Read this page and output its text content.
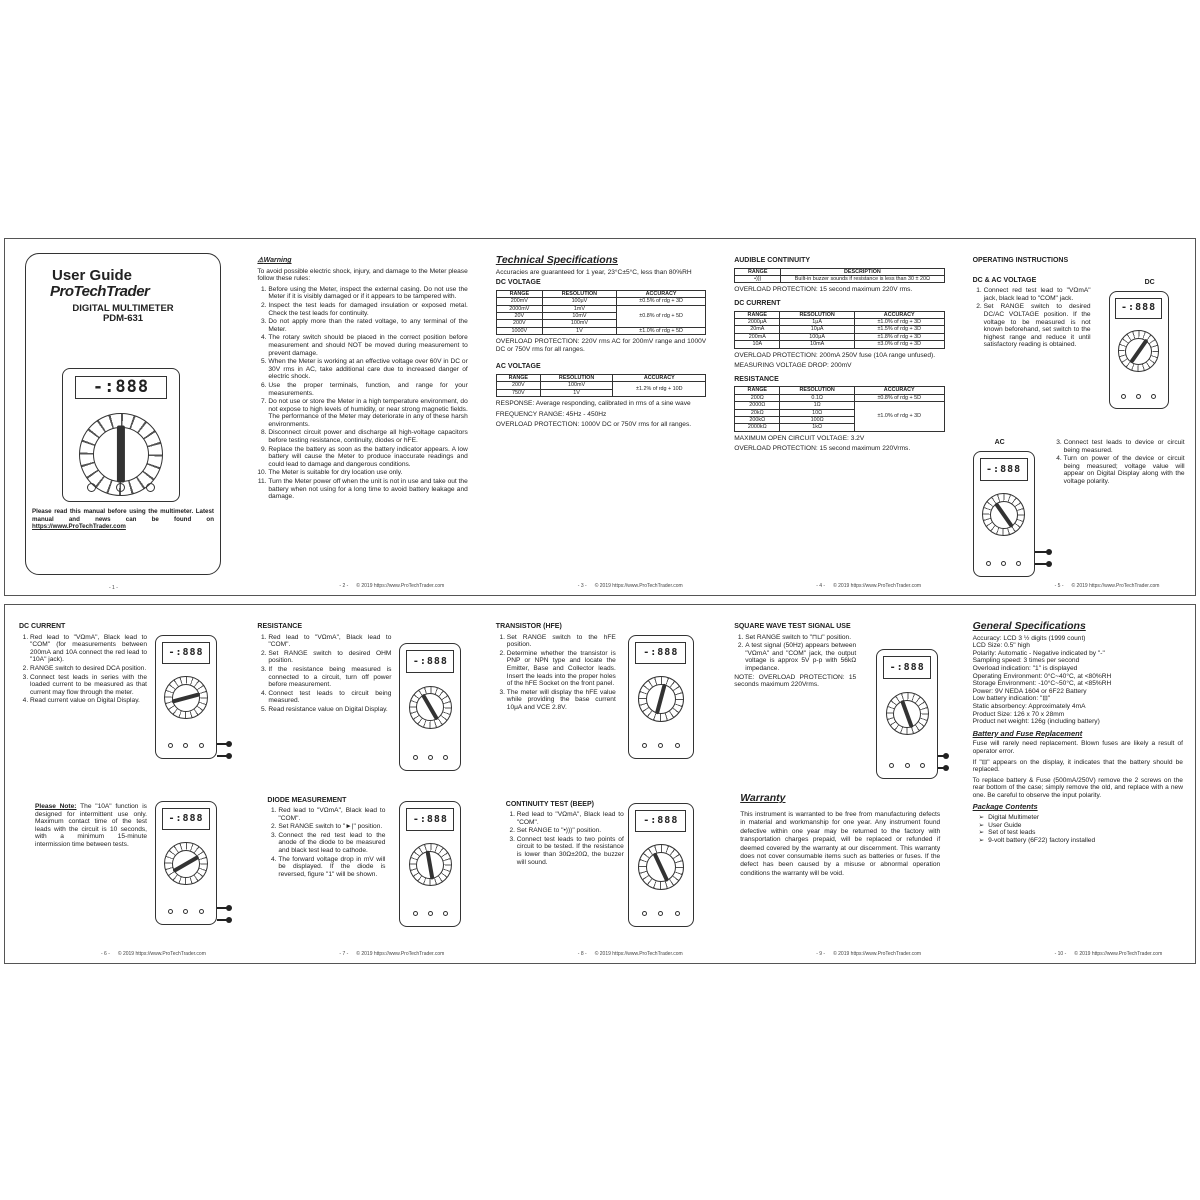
User Guide
ProTechTrader
DIGITAL MULTIMETER
PDM-631
-:888
Please read this manual before using the multimeter. Latest manual and news can be found on https://www.ProTechTrader.com
- 1 -
⚠Warning
To avoid possible electric shock, injury, and damage to the Meter please follow these rules:
1. Before using the Meter, inspect the external casing. Do not use the Meter if it is visibly damaged or if it appears to be tampered with.
2. Inspect the test leads for damaged insulation or exposed metal. Check the test leads for continuity.
3. Do not apply more than the rated voltage, to any terminal of the Meter.
4. The rotary switch should be placed in the correct position before measurement and should NOT be moved during measurement to prevent damage.
5. When the Meter is working at an effective voltage over 60V in DC or 30V rms in AC, take additional care due to increased danger of electric shock.
6. Use the proper terminals, function, and range for your measurements.
7. Do not use or store the Meter in a high temperature environment, do not expose to high levels of humidity, or near strong magnetic fields. The performance of the Meter may deteriorate in any of these harsh environments.
8. Disconnect circuit power and discharge all high-voltage capacitors before testing resistance, continuity, diodes or hFE.
9. Replace the battery as soon as the battery indicator appears. A low battery will cause the Meter to produce inaccurate readings and could lead to damage and dangerous conditions.
10. The Meter is suitable for dry location use only.
11. Turn the Meter power off when the unit is not in use and take out the battery when not using for a long time to avoid battery leakage and damage.
- 2 - © 2019 https://www.ProTechTrader.com
Technical Specifications
Accuracies are guaranteed for 1 year, 23°C±5°C, less than 80%RH
DC VOLTAGE
RANGE	RESOLUTION	ACCURACY
200mV	100μV	±0.5% of rdg + 3D
2000mV	1mV	±0.8% of rdg + 5D
20V	10mV	
200V	100mV	
1000V	1V	±1.0% of rdg + 5D
OVERLOAD PROTECTION: 220V rms AC for 200mV range and 1000V DC or 750V rms for all ranges.
AC VOLTAGE
RANGE	RESOLUTION	ACCURACY
200V	100mV	±1.2% of rdg + 10D
750V	1V	
RESPONSE: Average responding, calibrated in rms of a sine wave
FREQUENCY RANGE: 45Hz - 450Hz
OVERLOAD PROTECTION: 1000V DC or 750V rms for all ranges.
- 3 - © 2019 https://www.ProTechTrader.com
AUDIBLE CONTINUITY
RANGE	DESCRIPTION
•)))	Built-in buzzer sounds if resistance is less than 30 ± 20Ω
OVERLOAD PROTECTION: 15 second maximum 220V rms.
DC CURRENT
RANGE	RESOLUTION	ACCURACY
2000μA	1μA	±1.0% of rdg + 3D
20mA	10μA	±1.5% of rdg + 3D
200mA	100μA	±1.8% of rdg + 3D
10A	10mA	±3.0% of rdg + 3D
OVERLOAD PROTECTION: 200mA 250V fuse (10A range unfused).
MEASURING VOLTAGE DROP: 200mV
RESISTANCE
RANGE	RESOLUTION	ACCURACY
200Ω	0.1Ω	±0.8% of rdg + 5D
2000Ω	1Ω	±1.0% of rdg + 3D
20kΩ	10Ω	
200kΩ	100Ω	
2000kΩ	1kΩ	
MAXIMUM OPEN CIRCUIT VOLTAGE: 3.2V
OVERLOAD PROTECTION: 15 second maximum 220Vrms.
- 4 - © 2019 https://www.ProTechTrader.com
OPERATING INSTRUCTIONS
DC & AC VOLTAGE	DC
1. Connect red test lead to "VΩmA" jack, black lead to "COM" jack.
2. Set RANGE switch to desired DC/AC VOLTAGE position. If the voltage to be measured is not known beforehand, set switch to the highest range and reduce it until satisfactory reading is obtained.
-:888
AC
-:888
3. Connect test leads to device or circuit being measured.
4. Turn on power of the device or circuit being measured; voltage value will appear on Digital Display along with the voltage polarity.
- 5 - © 2019 https://www.ProTechTrader.com
DC CURRENT
1. Red lead to "VΩmA", Black lead to "COM" (for measurements between 200mA and 10A connect the red lead to "10A" jack).
2. RANGE switch to desired DCA position.
3. Connect test leads in series with the loaded current to be measured as that current may flow through the meter.
4. Read current value on Digital Display.
-:888
Please Note: The "10A" function is designed for intermittent use only. Maximum contact time of the test leads with the circuit is 10 seconds, with a minimum 15-minute intermission time between tests.
-:888
- 6 - © 2019 https://www.ProTechTrader.com
RESISTANCE
1. Red lead to "VΩmA", Black lead to "COM".
2. Set RANGE switch to desired OHM position.
3. If the resistance being measured is connected to a circuit, turn off power before measurement.
4. Connect test leads to circuit being measured.
5. Read resistance value on Digital Display.
-:888
DIODE MEASUREMENT
1. Red lead to "VΩmA", Black lead to "COM".
2. Set RANGE switch to "►|" position.
3. Connect the red test lead to the anode of the diode to be measured and black test lead to cathode.
4. The forward voltage drop in mV will be displayed. If the diode is reversed, figure "1" will be shown.
-:888
- 7 - © 2019 https://www.ProTechTrader.com
TRANSISTOR (HFE)
1. Set RANGE switch to the hFE position.
2. Determine whether the transistor is PNP or NPN type and locate the Emitter, Base and Collector leads. Insert the leads into the proper holes of the hFE Socket on the front panel.
3. The meter will display the hFE value while providing the base current 10μA and VCE 2.8V.
-:888
CONTINUITY TEST (BEEP)
1. Red lead to "VΩmA", Black lead to "COM".
2. Set RANGE to "•)))" position.
3. Connect test leads to two points of circuit to be tested. If the resistance is lower than 30Ω±20Ω, the buzzer will sound.
-:888
- 8 - © 2019 https://www.ProTechTrader.com
SQUARE WAVE TEST SIGNAL USE
1. Set RANGE switch to "⊓⊔" position.
2. A test signal (50Hz) appears between "VΩmA" and "COM" jack, the output voltage is approx 5V p-p with 56kΩ impedance.
NOTE: OVERLOAD PROTECTION: 15 seconds maximum 220Vrms.
-:888
Warranty
This instrument is warranted to be free from manufacturing defects in material and workmanship for one year. Any instrument found defective within one year may be returned to the factory with transportation charges prepaid, will be replaced or refunded if deemed covered by the warranty at our discernment. This warranty does not cover consumable items such as batteries or fuses. If the defect has been caused by a misuse or abnormal operation conditions the warranty will be void.
- 9 - © 2019 https://www.ProTechTrader.com
General Specifications
Accuracy: LCD 3 ½ digits (1999 count)
LCD Size: 0.5" high
Polarity: Automatic - Negative indicated by "-"
Sampling speed: 3 times per second
Overload indication: "1" is displayed
Operating Environment: 0°C~40°C, at <80%RH
Storage Environment: -10°C~50°C, at <85%RH
Power: 9V NEDA 1604 or 6F22 Battery
Low battery indication: "⊟"
Static absorbency: Approximately 4mA
Product Size: 126 x 70 x 28mm
Product net weight: 126g (including battery)
Battery and Fuse Replacement
Fuse will rarely need replacement. Blown fuses are likely a result of operator error.
If "⊟" appears on the display, it indicates that the battery should be replaced.
To replace battery & Fuse (500mA/250V) remove the 2 screws on the rear bottom of the case; simply remove the old, and replace with a new one. Be careful to observe the input polarity.
Package Contents
➢ Digital Multimeter
➢ User Guide
➢ Set of test leads
➢ 9-volt battery (6F22) factory installed
- 10 - © 2019 https://www.ProTechTrader.com
